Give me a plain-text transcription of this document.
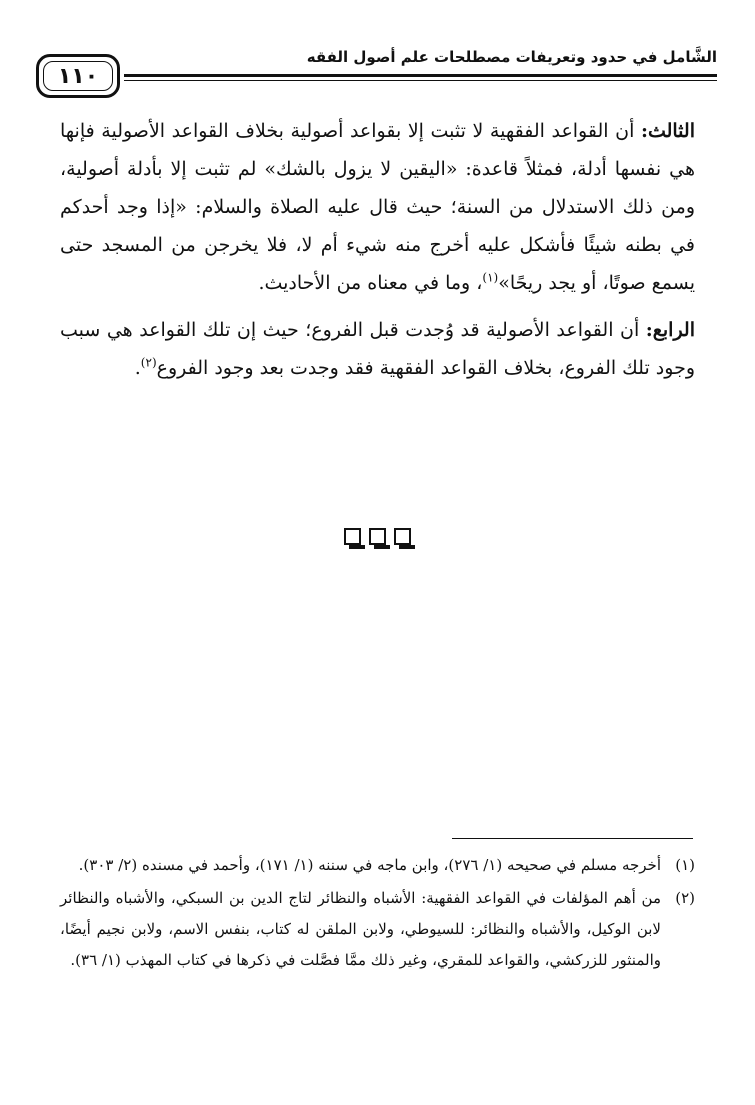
الشَّامل في حدود وتعريفات مصطلحات علم أصول الفقه
١١٠

الثالث: أن القواعد الفقهية لا تثبت إلا بقواعد أصولية بخلاف القواعد الأصولية فإنها هي نفسها أدلة، فمثلاً قاعدة: «اليقين لا يزول بالشك» لم تثبت إلا بأدلة أصولية، ومن ذلك الاستدلال من السنة؛ حيث قال عليه الصلاة والسلام: «إذا وجد أحدكم في بطنه شيئًا فأشكل عليه أخرج منه شيء أم لا، فلا يخرجن من المسجد حتى يسمع صوتًا، أو يجد ريحًا»$^{(١)}$، وما في معناه من الأحاديث.

الرابع: أن القواعد الأصولية قد وُجدت قبل الفروع؛ حيث إن تلك القواعد هي سبب وجود تلك الفروع، بخلاف القواعد الفقهية فقد وجدت بعد وجود الفروع$^{(٢)}$.

(١)
أخرجه مسلم في صحيحه (١/ ٢٧٦)، وابن ماجه في سننه (١/ ١٧١)، وأحمد في مسنده (٢/ ٣٠٣).
(٢)
من أهم المؤلفات في القواعد الفقهية: الأشباه والنظائر لتاج الدين بن السبكي، والأشباه والنظائر لابن الوكيل، والأشباه والنظائر: للسيوطي، ولابن الملقن له كتاب، بنفس الاسم، ولابن نجيم أيضًا، والمنثور للزركشي، والقواعد للمقري، وغير ذلك ممَّا فصَّلت في ذكرها في كتاب المهذب (١/ ٣٦).
